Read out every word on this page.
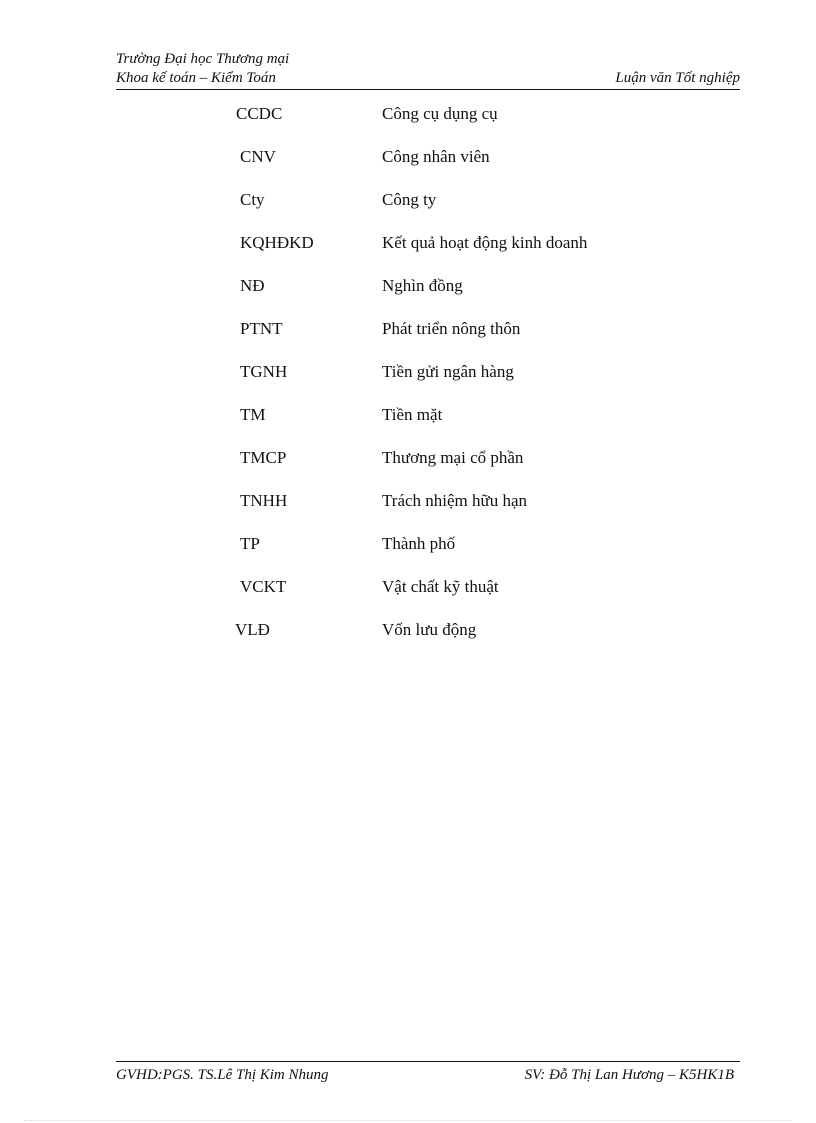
Trường Đại học Thương mại
Khoa kế toán – Kiểm Toán	Luận văn Tốt nghiệp
CCDC	Công cụ dụng cụ
CNV	Công nhân viên
Cty	Công ty
KQHĐKD	Kết quả hoạt động kinh doanh
NĐ	Nghìn đồng
PTNT	Phát triển nông thôn
TGNH	Tiền gửi ngân hàng
TM	Tiền mặt
TMCP	Thương mại cổ phần
TNHH	Trách nhiệm hữu hạn
TP	Thành phố
VCKT	Vật chất kỹ thuật
VLĐ	Vốn lưu động
GVHD:PGS. TS.Lê Thị Kim Nhung	SV: Đỗ Thị Lan Hương – K5HK1B
